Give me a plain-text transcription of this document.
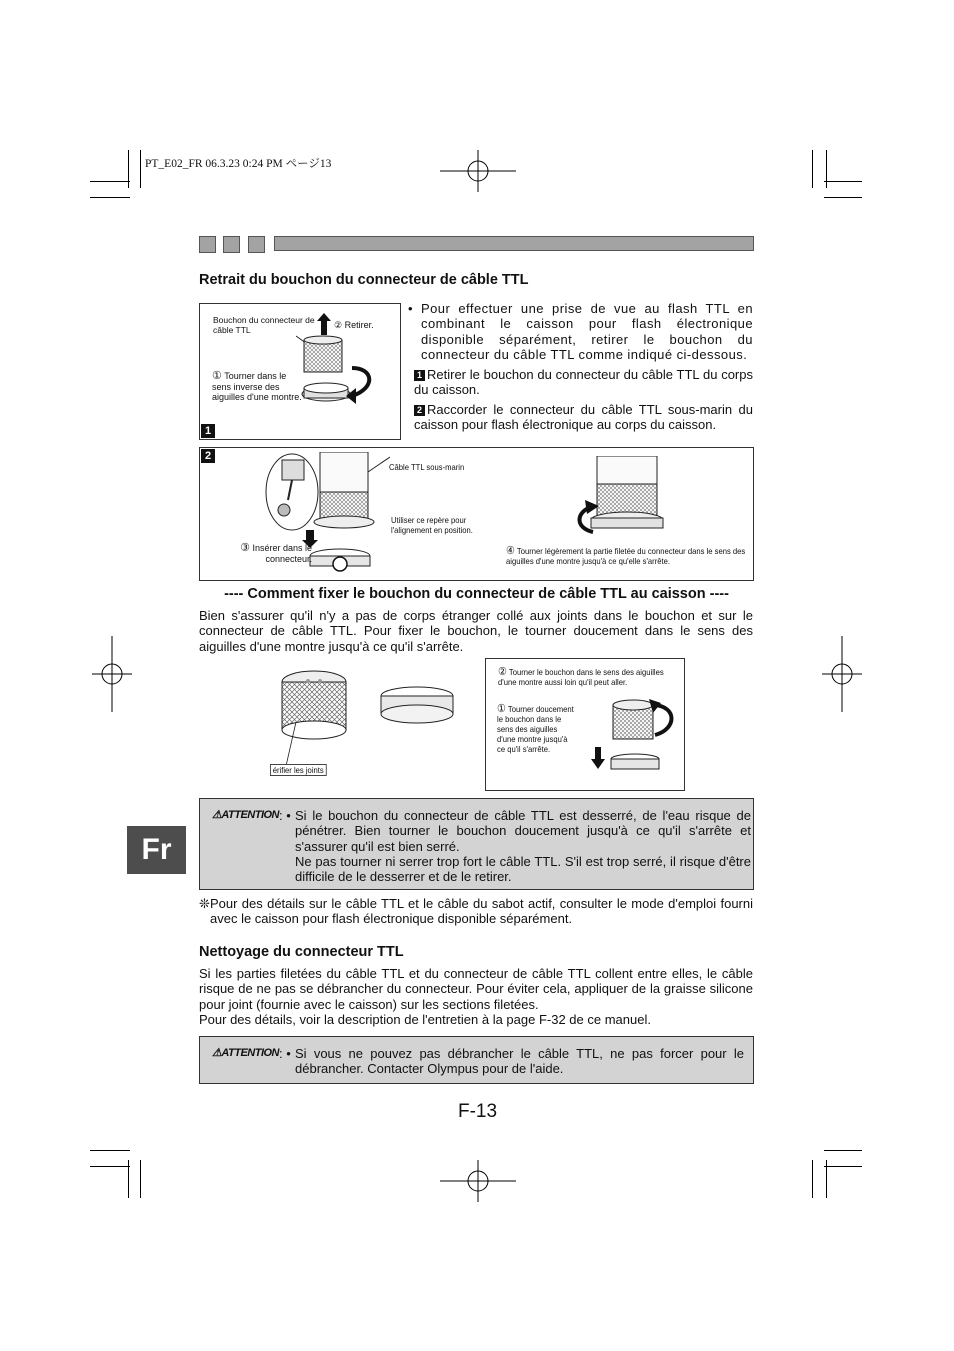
PT_E02_FR 06.3.23 0:24 PM ページ13
Retrait du bouchon du connecteur de câble TTL
Bouchon du connecteur de câble TTL	② Retirer.
① Tourner dans le sens inverse des aiguilles d'une montre.
1
• Pour effectuer une prise de vue au flash TTL en combinant le caisson pour flash électronique disponible séparément, retirer le bouchon du connecteur du câble TTL comme indiqué ci-dessous.
1 Retirer le bouchon du connecteur du câble TTL du corps du caisson.
2 Raccorder le connecteur du câble TTL sous-marin du caisson pour flash électronique au corps du caisson.
2
Câble TTL sous-marin
Utiliser ce repère pour l'alignement en position.
③ Insérer dans le connecteur.
④ Tourner légèrement la partie filetée du connecteur dans le sens des aiguilles d'une montre jusqu'à ce qu'elle s'arrête.
---- Comment fixer le bouchon du connecteur de câble TTL au caisson ----
Bien s'assurer qu'il n'y a pas de corps étranger collé aux joints dans le bouchon et sur le connecteur de câble TTL. Pour fixer le bouchon, le tourner doucement dans le sens des aiguilles d'une montre jusqu'à ce qu'il s'arrête.
érifier les joints
② Tourner le bouchon dans le sens des aiguilles d'une montre aussi loin qu'il peut aller.
① Tourner doucement le bouchon dans le sens des aiguilles d'une montre jusqu'à ce qu'il s'arrête.
⚠ATTENTION : • Si le bouchon du connecteur de câble TTL est desserré, de l'eau risque de pénétrer. Bien tourner le bouchon doucement jusqu'à ce qu'il s'arrête et s'assurer qu'il est bien serré.
Ne pas tourner ni serrer trop fort le câble TTL. S'il est trop serré, il risque d'être difficile de le desserrer et de le retirer.
❊ Pour des détails sur le câble TTL et le câble du sabot actif, consulter le mode d'emploi fourni avec le caisson pour flash électronique disponible séparément.
Nettoyage du connecteur TTL
Si les parties filetées du câble TTL et du connecteur de câble TTL collent entre elles, le câble risque de ne pas se débrancher du connecteur. Pour éviter cela, appliquer de la graisse silicone pour joint (fournie avec le caisson) sur les sections filetées.
Pour des détails, voir la description de l'entretien à la page F-32 de ce manuel.
⚠ATTENTION : • Si vous ne pouvez pas débrancher le câble TTL, ne pas forcer pour le débrancher. Contacter Olympus pour de l'aide.
Fr
F-13
